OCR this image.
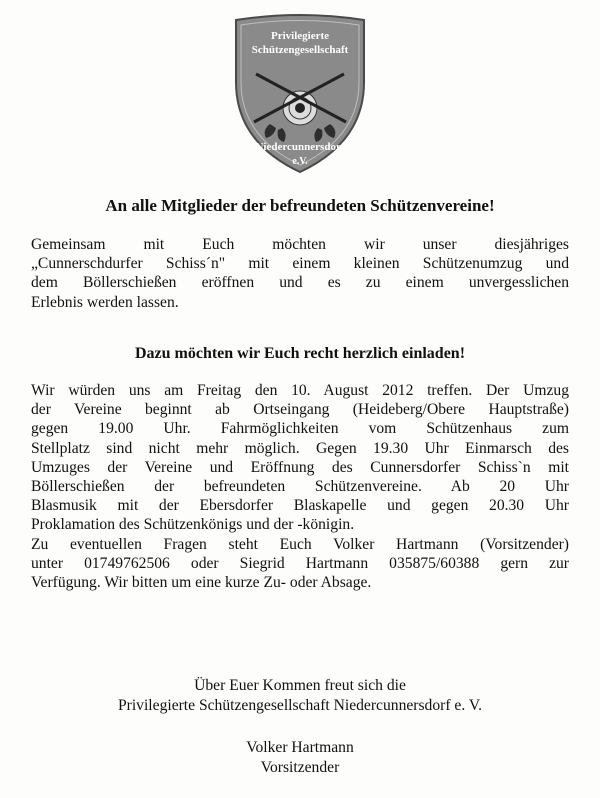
Privilegierte
Schützengesellschaft
Niedercunnersdorf
e.V.

An alle Mitglieder der befreundeten Schützenvereine!

Gemeinsam mit Euch möchten wir unser diesjähriges
„Cunnerschdurfer Schiss´n" mit einem kleinen Schützenumzug und
dem Böllerschießen eröffnen und es zu einem unvergesslichen
Erlebnis werden lassen.

Dazu möchten wir Euch recht herzlich einladen!

Wir würden uns am Freitag den 10. August 2012 treffen. Der Umzug
der Vereine beginnt ab Ortseingang (Heideberg/Obere Hauptstraße)
gegen 19.00 Uhr. Fahrmöglichkeiten vom Schützenhaus zum
Stellplatz sind nicht mehr möglich. Gegen 19.30 Uhr Einmarsch des
Umzuges der Vereine und Eröffnung des Cunnersdorfer Schiss`n mit
Böllerschießen der befreundeten Schützenvereine. Ab 20 Uhr
Blasmusik mit der Ebersdorfer Blaskapelle und gegen 20.30 Uhr
Proklamation des Schützenkönigs und der -königin.
Zu eventuellen Fragen steht Euch Volker Hartmann (Vorsitzender)
unter 01749762506 oder Siegrid Hartmann 035875/60388 gern zur
Verfügung. Wir bitten um eine kurze Zu- oder Absage.

Über Euer Kommen freut sich die
Privilegierte Schützengesellschaft Niedercunnersdorf e. V.

Volker Hartmann
Vorsitzender
